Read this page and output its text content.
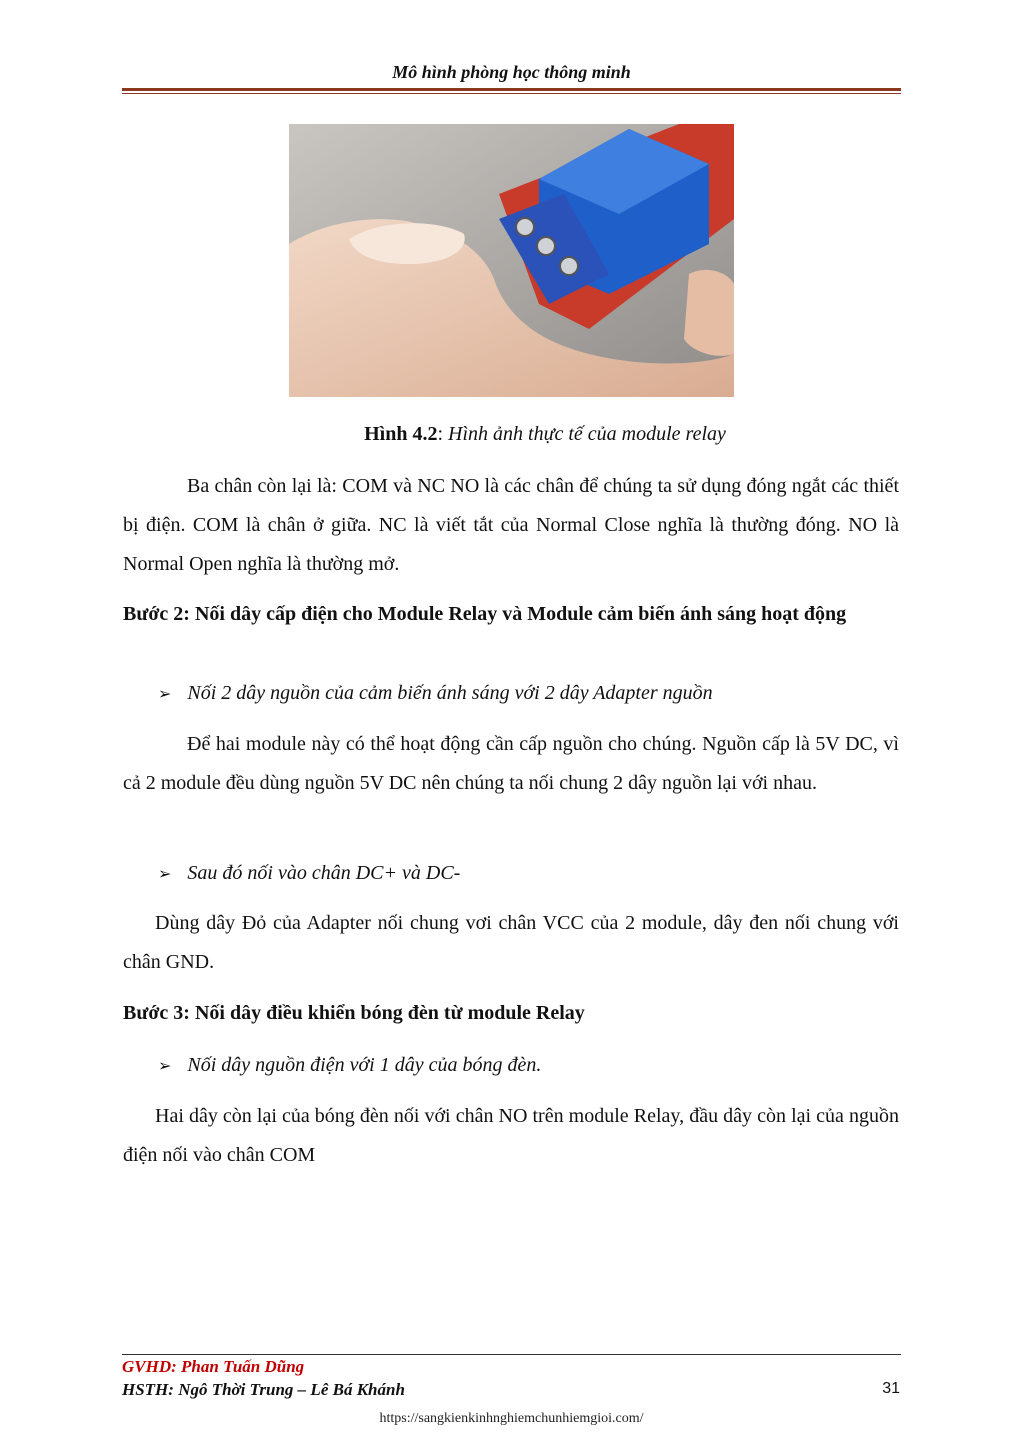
Mô hình phòng học thông minh
Hình 4.2: Hình ảnh thực tế của module relay
Ba chân còn lại là: COM và NC NO là các chân để chúng ta sử dụng đóng ngắt các thiết bị điện. COM là chân ở giữa. NC là viết tắt của Normal Close nghĩa là thường đóng. NO là Normal Open nghĩa là thường mở.
Bước 2: Nối dây cấp điện cho Module Relay và Module cảm biến ánh sáng hoạt động
➢ Nối 2 dây nguồn của cảm biến ánh sáng với 2 dây Adapter nguồn
Để hai module này có thể hoạt động cần cấp nguồn cho chúng. Nguồn cấp là 5V DC, vì cả 2 module đều dùng nguồn 5V DC nên chúng ta nối chung 2 dây nguồn lại với nhau.
➢ Sau đó nối vào chân DC+ và DC-
Dùng dây Đỏ của Adapter nối chung vơi chân VCC của 2 module, dây đen nối chung với chân GND.
Bước 3: Nối dây điều khiển bóng đèn từ module Relay
➢ Nối dây nguồn điện với 1 dây của bóng đèn.
Hai dây còn lại của bóng đèn nối với chân NO trên module Relay, đầu dây còn lại của nguồn điện nối vào chân COM
GVHD: Phan Tuấn Dũng
HSTH: Ngô Thời Trung – Lê Bá Khánh	31
https://sangkienkinhnghiemchunhiemgioi.com/
